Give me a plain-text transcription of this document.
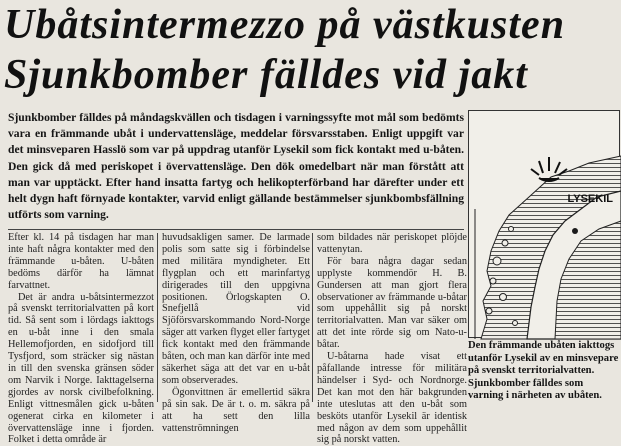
Ubåtsintermezzo på västkusten
Sjunkbomber fälldes vid jakt

Sjunkbomber fälldes på måndagskvällen och tisdagen i varningssyfte mot mål som bedömts vara en främmande ubåt i undervattensläge, meddelar försvarsstaben. Enligt uppgift var det minsveparen Hasslö som var på uppdrag utanför Lysekil som fick kontakt med u-båten. Den gick då med periskopet i övervattensläge. Den dök omedelbart när man förstått att man var upptäckt. Efter hand insatta fartyg och helikopterförband har därefter under ett helt dygn haft förnyade kontakter, varvid enligt gällande bestämmelser sjunkbombsfällning utförts som varning.

Efter kl. 14 på tisdagen har man inte haft några kontakter med den främmande u-båten. U-båten bedöms därför ha lämnat farvattnet.

Det är andra u-båtsintermezzot på svenskt territorialvatten på kort tid. Så sent som i lördags iakttogs en u-båt inne i den smala Hellemofjorden, en sidofjord till Tysfjord, som sträcker sig nästan in till den svenska gränsen söder om Narvik i Norge. Iakttagelserna gjordes av norsk civilbefolkning. Enligt vittnesmålen gick u-båten ogenerat cirka en kilometer i övervattensläge inne i fjorden. Folket i detta område är

huvudsakligen samer. De larmade polis som satte sig i förbindelse med militära myndigheter. Ett flygplan och ett marinfartyg dirigerades till den uppgivna positionen. Örlogskapten O. Snefjellå vid Sjöförsvarskommando Nord-Norge säger att varken flyget eller fartyget fick kontakt med den främmande båten, och man kan därför inte med säkerhet säga att det var en u-båt som observerades.

Ögonvittnen är emellertid säkra på sin sak. De är t. o. m. säkra på att ha sett den lilla vattenströmningen

som bildades när periskopet plöjde vattenytan.

För bara några dagar sedan upplyste kommendör H. B. Gundersen att man gjort flera observationer av främmande u-båtar som uppehållit sig på norskt territorialvatten. Man var säker om att det inte rörde sig om Nato-u-båtar.

U-båtarna hade visat ett påfallande intresse för militära händelser i Syd- och Nordnorge. Det kan mot den här bakgrunden inte uteslutas att den u-båt som besköts utanför Lysekil är identisk med någon av dem som uppehållit sig på norskt vatten.

LYSEKIL
Den främmande ubåten iakttogs utanför Lysekil av en minsvepare på svenskt territorialvatten. Sjunkbomber fälldes som varning i närheten av ubåten.
